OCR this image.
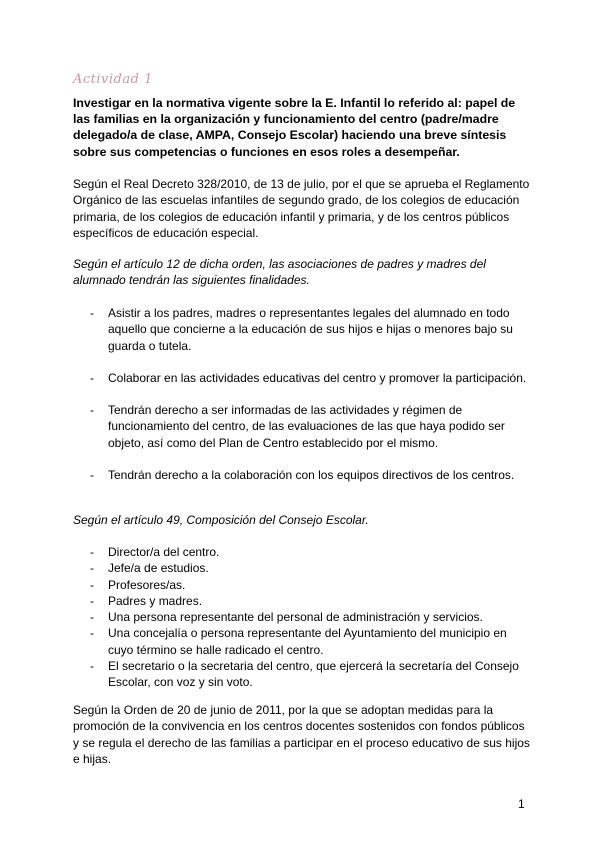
Actividad 1
Investigar en la normativa vigente sobre la E. Infantil lo referido al: papel de las familias en la organización y funcionamiento del centro (padre/madre delegado/a de clase, AMPA, Consejo Escolar) haciendo una breve síntesis sobre sus competencias o funciones en esos roles a desempeñar.
Según el Real Decreto 328/2010, de 13 de julio, por el que se aprueba el Reglamento Orgánico de las escuelas infantiles de segundo grado, de los colegios de educación primaria, de los colegios de educación infantil y primaria, y de los centros públicos específicos de educación especial.
Según el artículo 12 de dicha orden, las asociaciones de padres y madres del alumnado tendrán las siguientes finalidades.
- Asistir a los padres, madres o representantes legales del alumnado en todo aquello que concierne a la educación de sus hijos e hijas o menores bajo su guarda o tutela.
- Colaborar en las actividades educativas del centro y promover la participación.
- Tendrán derecho a ser informadas de las actividades y régimen de funcionamiento del centro, de las evaluaciones de las que haya podido ser objeto, así como del Plan de Centro establecido por el mismo.
- Tendrán derecho a la colaboración con los equipos directivos de los centros.
Según el artículo 49, Composición del Consejo Escolar.
- Director/a del centro.
- Jefe/a de estudios.
- Profesores/as.
- Padres y madres.
- Una persona representante del personal de administración y servicios.
- Una concejalía o persona representante del Ayuntamiento del municipio en cuyo término se halle radicado el centro.
- El secretario o la secretaria del centro, que ejercerá la secretaría del Consejo Escolar, con voz y sin voto.
Según la Orden de 20 de junio de 2011, por la que se adoptan medidas para la promoción de la convivencia en los centros docentes sostenidos con fondos públicos y se regula el derecho de las familias a participar en el proceso educativo de sus hijos e hijas.
1
